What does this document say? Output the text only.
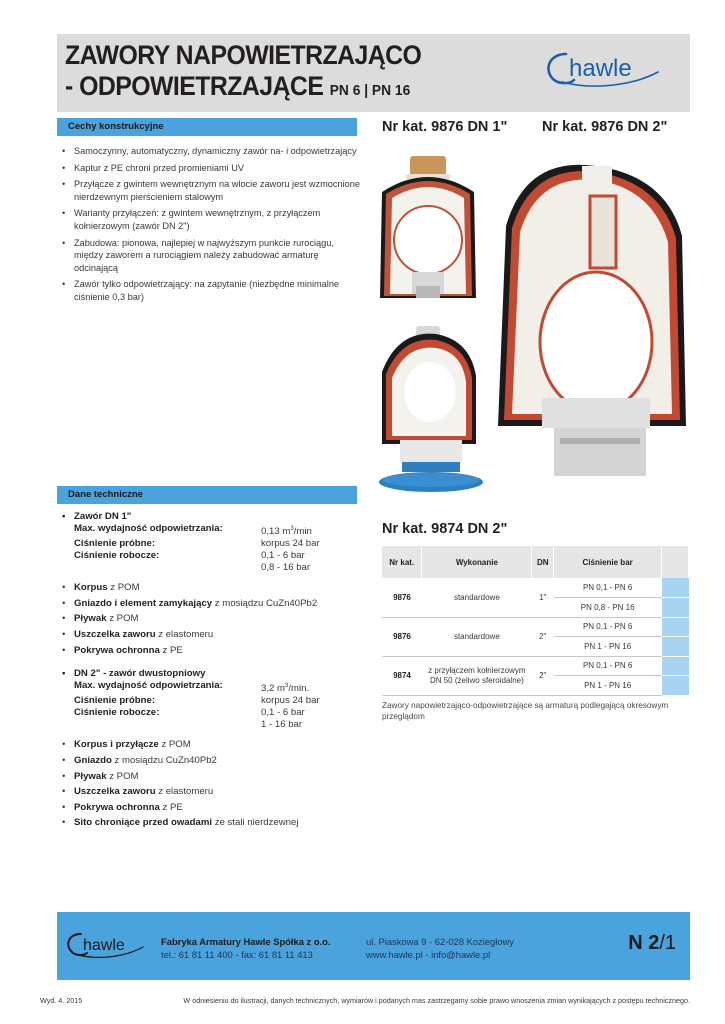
ZAWORY NAPOWIETRZAJĄCO
- ODPOWIETRZAJĄCE PN 6 | PN 16
hawle
Cechy konstrukcyjne
• Samoczynny, automatyczny, dynamiczny zawór na- i odpowietrzający
• Kaptur z PE chroni przed promieniami UV
• Przyłącze z gwintem wewnętrznym na wlocie zaworu jest wzmocnione nierdzewnym pierścieniem stalowym
• Warianty przyłączeń: z gwintem wewnętrznym, z przyłączem kołnierzowym (zawór DN 2")
• Zabudowa: pionowa, najlepiej w najwyższym punkcie rurociągu, między zaworem a rurociągiem należy zabudować armaturę odcinającą
• Zawór tylko odpowietrzający: na zapytanie (niezbędne minimalne ciśnienie 0,3 bar)
Nr kat. 9876 DN 1" Nr kat. 9876 DN 2"
Dane techniczne
• Zawór DN 1"
Max. wydajność odpowietrzania:	0,13 $m^3/\min$
Ciśnienie próbne:	korpus 24 bar
Ciśnienie robocze:	0,1 - 6 bar
0,8 - 16 bar
• Korpus z POM
• Gniazdo i element zamykający z mosiądzu CuZn40Pb2
• Pływak z POM
• Uszczelka zaworu z elastomeru
• Pokrywa ochronna z PE
• DN 2" - zawór dwustopniowy
Max. wydajność odpowietrzania:	3,2 $m^3/\min$.
Ciśnienie próbne:	korpus 24 bar
Ciśnienie robocze:	0,1 - 6 bar
1 - 16 bar
• Korpus i przyłącze z POM
• Gniazdo z mosiądzu CuZn40Pb2
• Pływak z POM
• Uszczelka zaworu z elastomeru
• Pokrywa ochronna z PE
• Sito chroniące przed owadami ze stali nierdzewnej
Nr kat. 9874 DN 2"
Nr kat.	Wykonanie	DN	Ciśnienie bar	
9876	standardowe	1"	PN 0,1 - PN 6	
			PN 0,8 - PN 16	
9876	standardowe	2"	PN 0,1 - PN 6	
			PN 1 - PN 16	
9874	z przyłączem kołnierzowym DN 50 (żeliwo sferoidalne)	2"	PN 0,1 - PN 6	
			PN 1 - PN 16	
Zawory napowietrzająco-odpowietrzające są armaturą podlegającą okresowym przeglądom
hawle	Fabryka Armatury Hawle Spółka z o.o.
tel.: 61 81 11 400 - fax: 61 81 11 413
ul. Piaskowa 9 - 62-028 Koziegłowy
www.hawle.pl - info@hawle.pl
N 2/1
Wyd. 4. 2015	W odniesieniu do ilustracji, danych technicznych, wymiarów i podanych mas zastrzegamy sobie prawo wnoszenia zmian wynikających z postępu technicznego.
